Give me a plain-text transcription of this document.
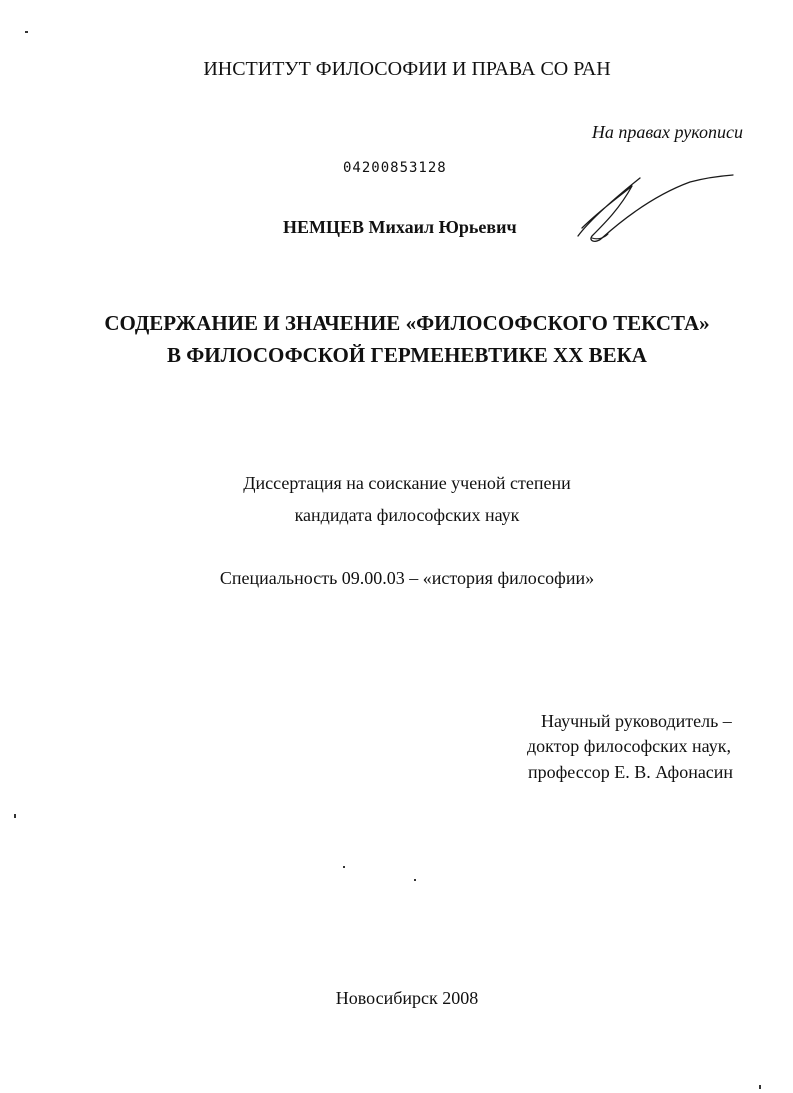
ИНСТИТУТ ФИЛОСОФИИ И ПРАВА СО РАН

На правах рукописи

04200853128

НЕМЦЕВ Михаил Юрьевич

СОДЕРЖАНИЕ И ЗНАЧЕНИЕ «ФИЛОСОФСКОГО ТЕКСТА»

В ФИЛОСОФСКОЙ ГЕРМЕНЕВТИКЕ XX ВЕКА

Диссертация на соискание ученой степени

кандидата философских наук

Специальность 09.00.03 – «история философии»

Научный руководитель –

доктор философских наук,

профессор Е. В. Афонасин

Новосибирск 2008
